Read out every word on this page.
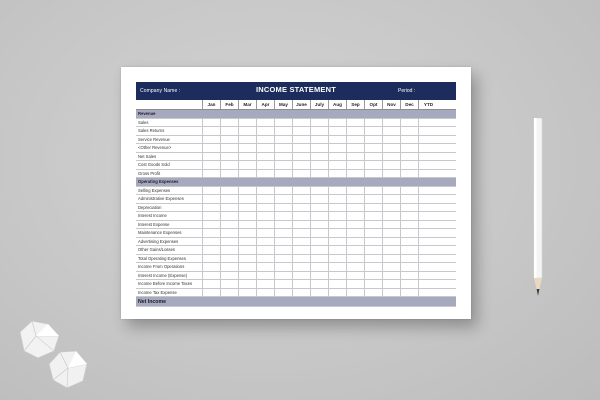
Company Name :	INCOME STATEMENT	Period :
Jan	Feb	Mar	Apr	May	June	July	Aug	Sep	Opt	Nov	Dec	YTD
Revenue
Sales
Sales Returns
Service Revenue
<Other Revenue>
Net Sales
Cost Goods Sold
Gross Profit
Operating Expenses
Selling Expenses
Administrative Expenses
Depreciation
Interest Income
Interest Expense
Maintenance Expenses
Advertising Expenses
Other Gains/Losses
Total Operating Expenses
Income From Operations
Interest Income (Expense)
Income Before Income Taxes
Income Tax Expense
Net Income
